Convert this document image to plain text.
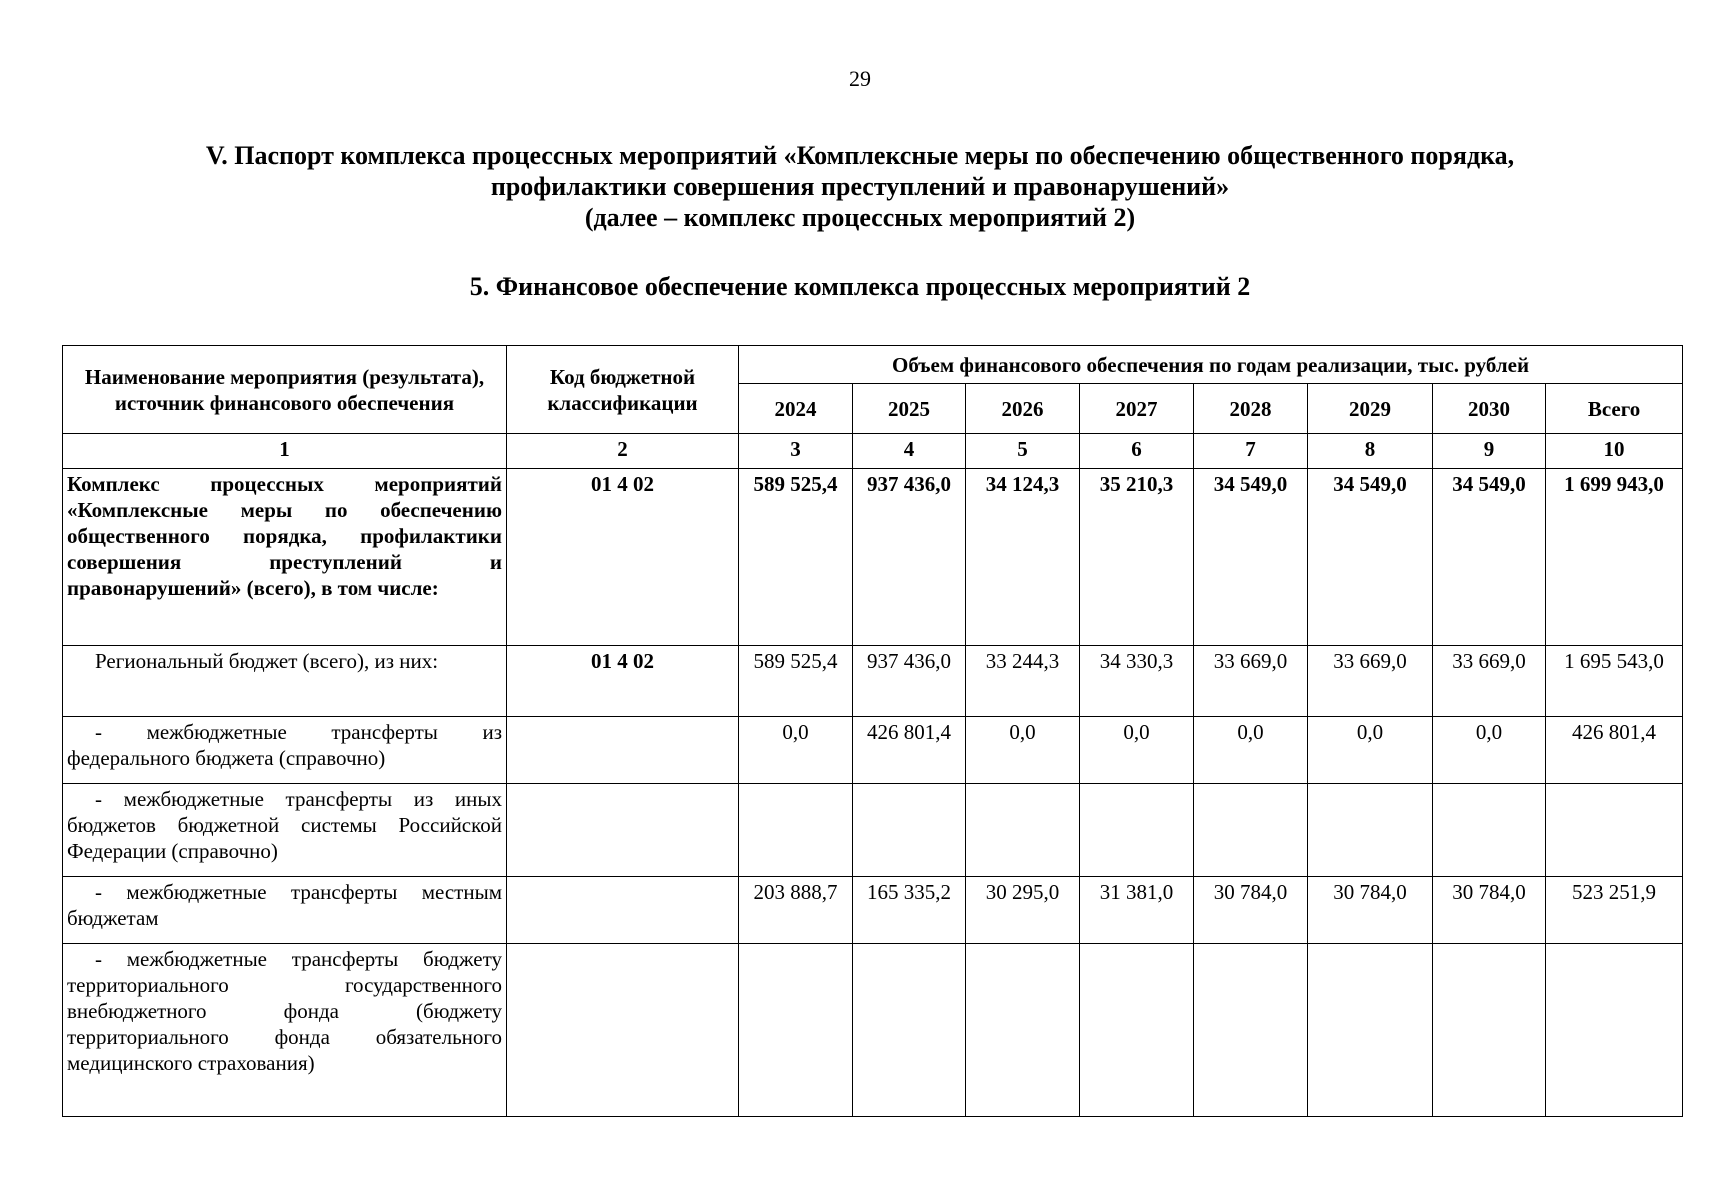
29
V. Паспорт комплекса процессных мероприятий «Комплексные меры по обеспечению общественного порядка,
профилактики совершения преступлений и правонарушений»
(далее – комплекс процессных мероприятий 2)
5. Финансовое обеспечение комплекса процессных мероприятий 2
Наименование мероприятия (результата), источник финансового обеспечения	Код бюджетной классификации	Объем финансового обеспечения по годам реализации, тыс. рублей							
		2024	2025	2026	2027	2028	2029	2030	Всего
1	2	3	4	5	6	7	8	9	10
Комплекс процессных мероприятий «Комплексные меры по обеспечению общественного порядка, профилактики совершения преступлений и правонарушений» (всего), в том числе:	01 4 02	589 525,4	937 436,0	34 124,3	35 210,3	34 549,0	34 549,0	34 549,0	1 699 943,0
Региональный бюджет (всего), из них:	01 4 02	589 525,4	937 436,0	33 244,3	34 330,3	33 669,0	33 669,0	33 669,0	1 695 543,0
- межбюджетные трансферты из федерального бюджета (справочно)		0,0	426 801,4	0,0	0,0	0,0	0,0	0,0	426 801,4
- межбюджетные трансферты из иных бюджетов бюджетной системы Российской Федерации (справочно)									
- межбюджетные трансферты местным бюджетам		203 888,7	165 335,2	30 295,0	31 381,0	30 784,0	30 784,0	30 784,0	523 251,9
- межбюджетные трансферты бюджету территориального государственного внебюджетного фонда (бюджету территориального фонда обязательного медицинского страхования)									
